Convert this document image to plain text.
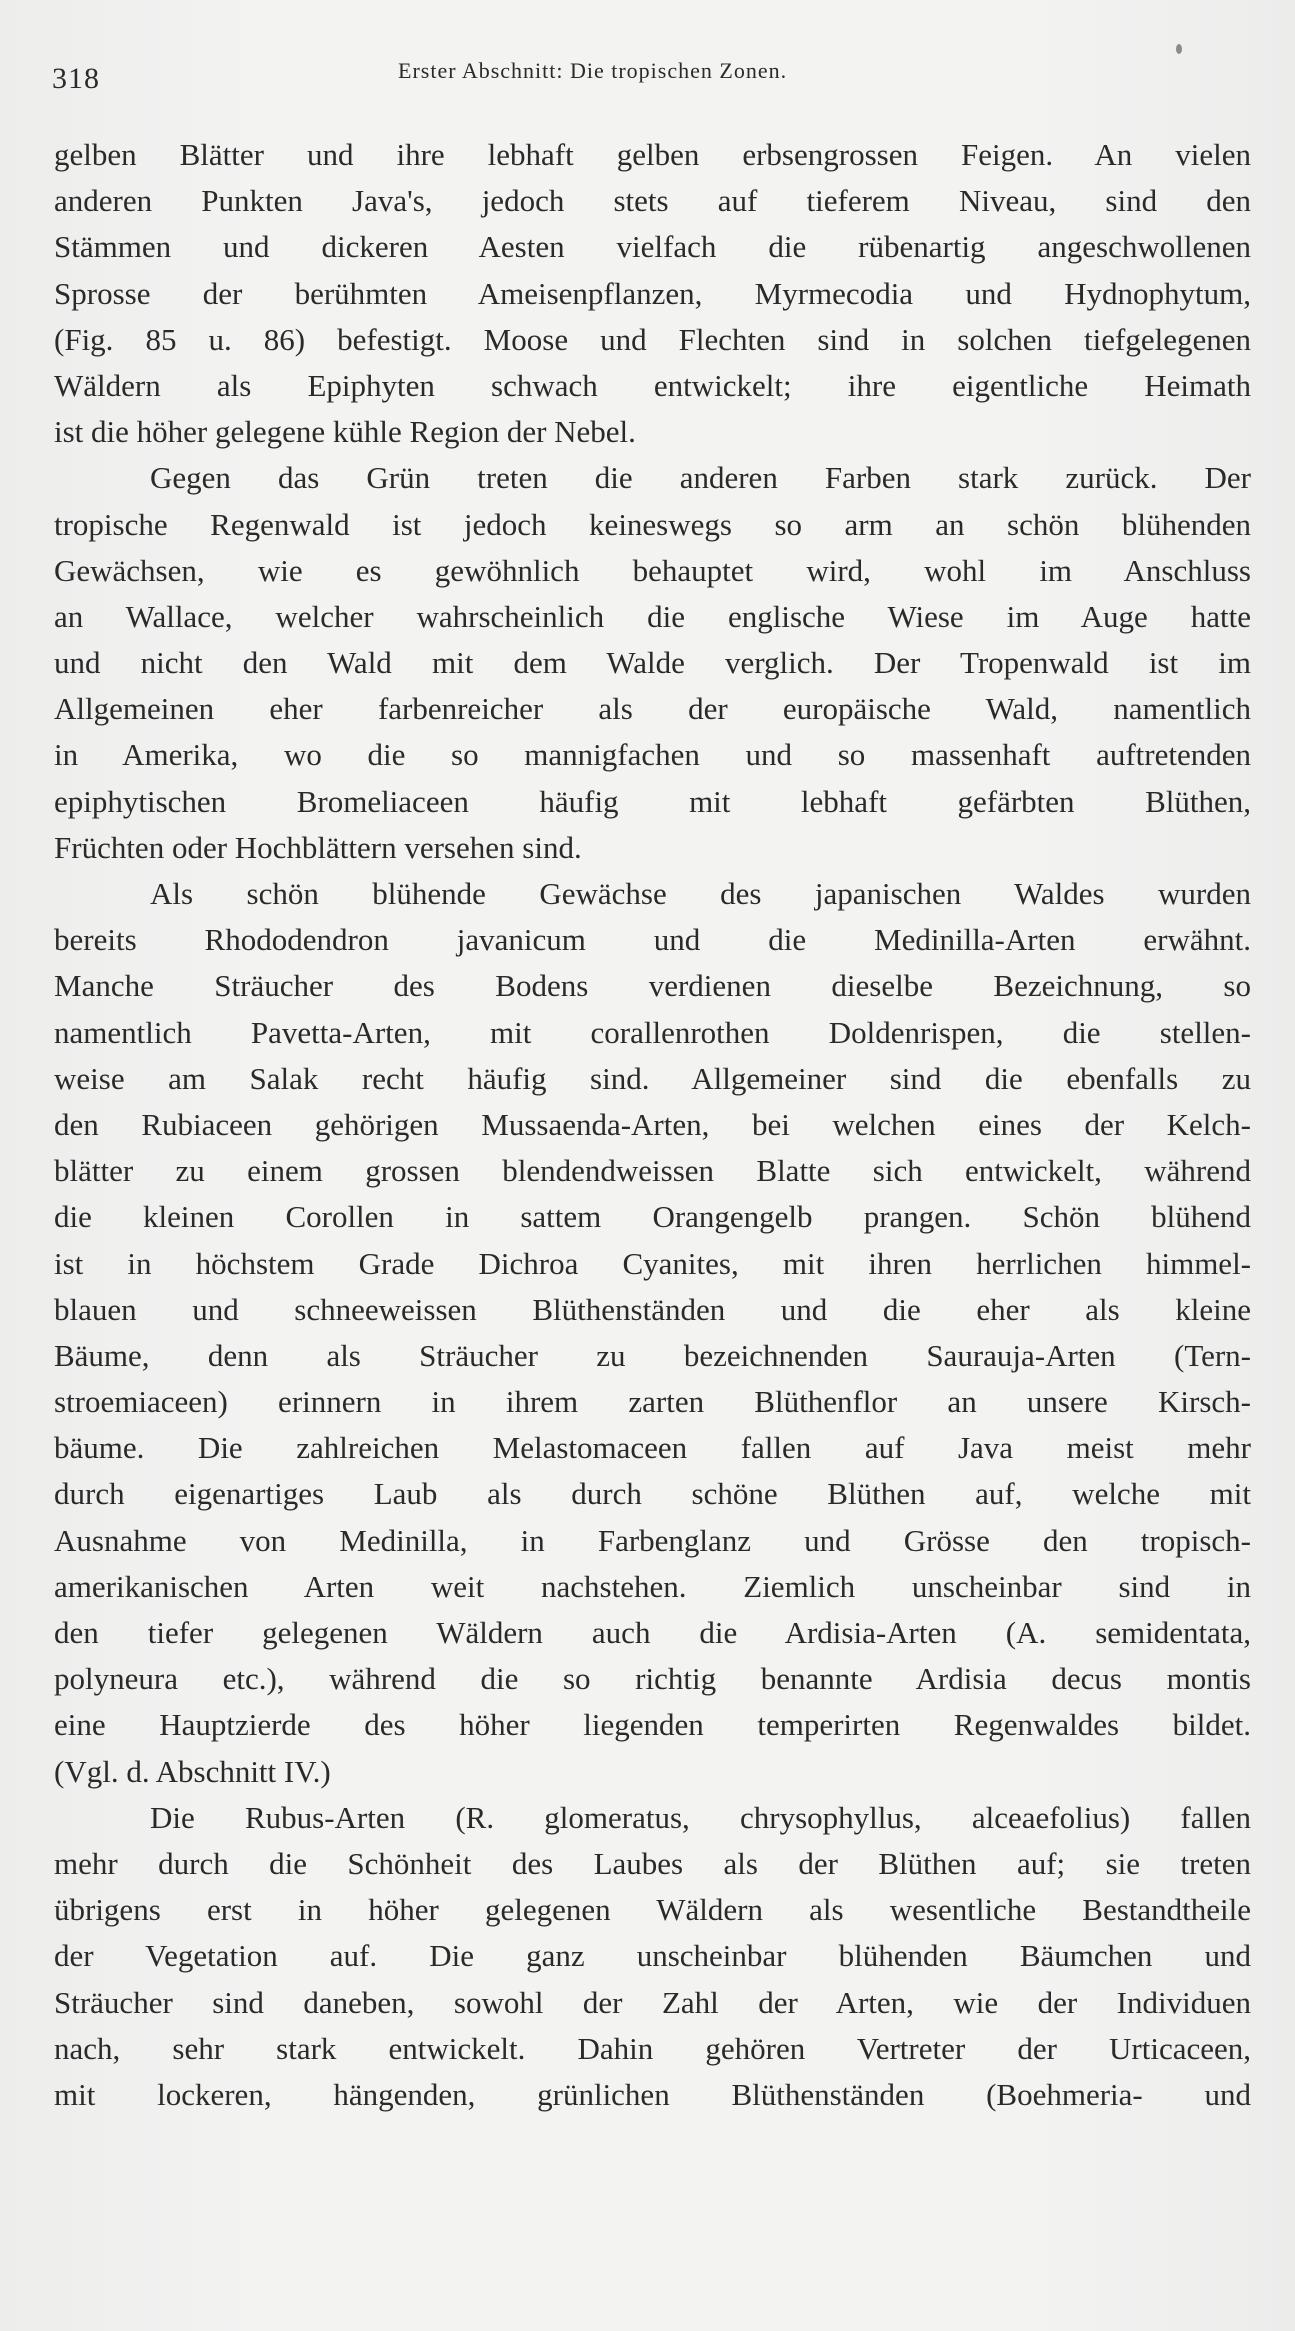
318	Erster Abschnitt: Die tropischen Zonen.
gelben Blätter und ihre lebhaft gelben erbsengrossen Feigen. An vielen
anderen Punkten Java's, jedoch stets auf tieferem Niveau, sind den
Stämmen und dickeren Aesten vielfach die rübenartig angeschwollenen
Sprosse der berühmten Ameisenpflanzen, Myrmecodia und Hydnophytum,
(Fig. 85 u. 86) befestigt. Moose und Flechten sind in solchen tiefgelegenen
Wäldern als Epiphyten schwach entwickelt; ihre eigentliche Heimath
ist die höher gelegene kühle Region der Nebel.
Gegen das Grün treten die anderen Farben stark zurück. Der
tropische Regenwald ist jedoch keineswegs so arm an schön blühenden
Gewächsen, wie es gewöhnlich behauptet wird, wohl im Anschluss
an Wallace, welcher wahrscheinlich die englische Wiese im Auge hatte
und nicht den Wald mit dem Walde verglich. Der Tropenwald ist im
Allgemeinen eher farbenreicher als der europäische Wald, namentlich
in Amerika, wo die so mannigfachen und so massenhaft auftretenden
epiphytischen Bromeliaceen häufig mit lebhaft gefärbten Blüthen,
Früchten oder Hochblättern versehen sind.
Als schön blühende Gewächse des japanischen Waldes wurden
bereits Rhododendron javanicum und die Medinilla-Arten erwähnt.
Manche Sträucher des Bodens verdienen dieselbe Bezeichnung, so
namentlich Pavetta-Arten, mit corallenrothen Doldenrispen, die stellen-
weise am Salak recht häufig sind. Allgemeiner sind die ebenfalls zu
den Rubiaceen gehörigen Mussaenda-Arten, bei welchen eines der Kelch-
blätter zu einem grossen blendendweissen Blatte sich entwickelt, während
die kleinen Corollen in sattem Orangengelb prangen. Schön blühend
ist in höchstem Grade Dichroa Cyanites, mit ihren herrlichen himmel-
blauen und schneeweissen Blüthenständen und die eher als kleine
Bäume, denn als Sträucher zu bezeichnenden Saurauja-Arten (Tern-
stroemiaceen) erinnern in ihrem zarten Blüthenflor an unsere Kirsch-
bäume. Die zahlreichen Melastomaceen fallen auf Java meist mehr
durch eigenartiges Laub als durch schöne Blüthen auf, welche mit
Ausnahme von Medinilla, in Farbenglanz und Grösse den tropisch-
amerikanischen Arten weit nachstehen. Ziemlich unscheinbar sind in
den tiefer gelegenen Wäldern auch die Ardisia-Arten (A. semidentata,
polyneura etc.), während die so richtig benannte Ardisia decus montis
eine Hauptzierde des höher liegenden temperirten Regenwaldes bildet.
(Vgl. d. Abschnitt IV.)
Die Rubus-Arten (R. glomeratus, chrysophyllus, alceaefolius) fallen
mehr durch die Schönheit des Laubes als der Blüthen auf; sie treten
übrigens erst in höher gelegenen Wäldern als wesentliche Bestandtheile
der Vegetation auf. Die ganz unscheinbar blühenden Bäumchen und
Sträucher sind daneben, sowohl der Zahl der Arten, wie der Individuen
nach, sehr stark entwickelt. Dahin gehören Vertreter der Urticaceen,
mit lockeren, hängenden, grünlichen Blüthenständen (Boehmeria- und
